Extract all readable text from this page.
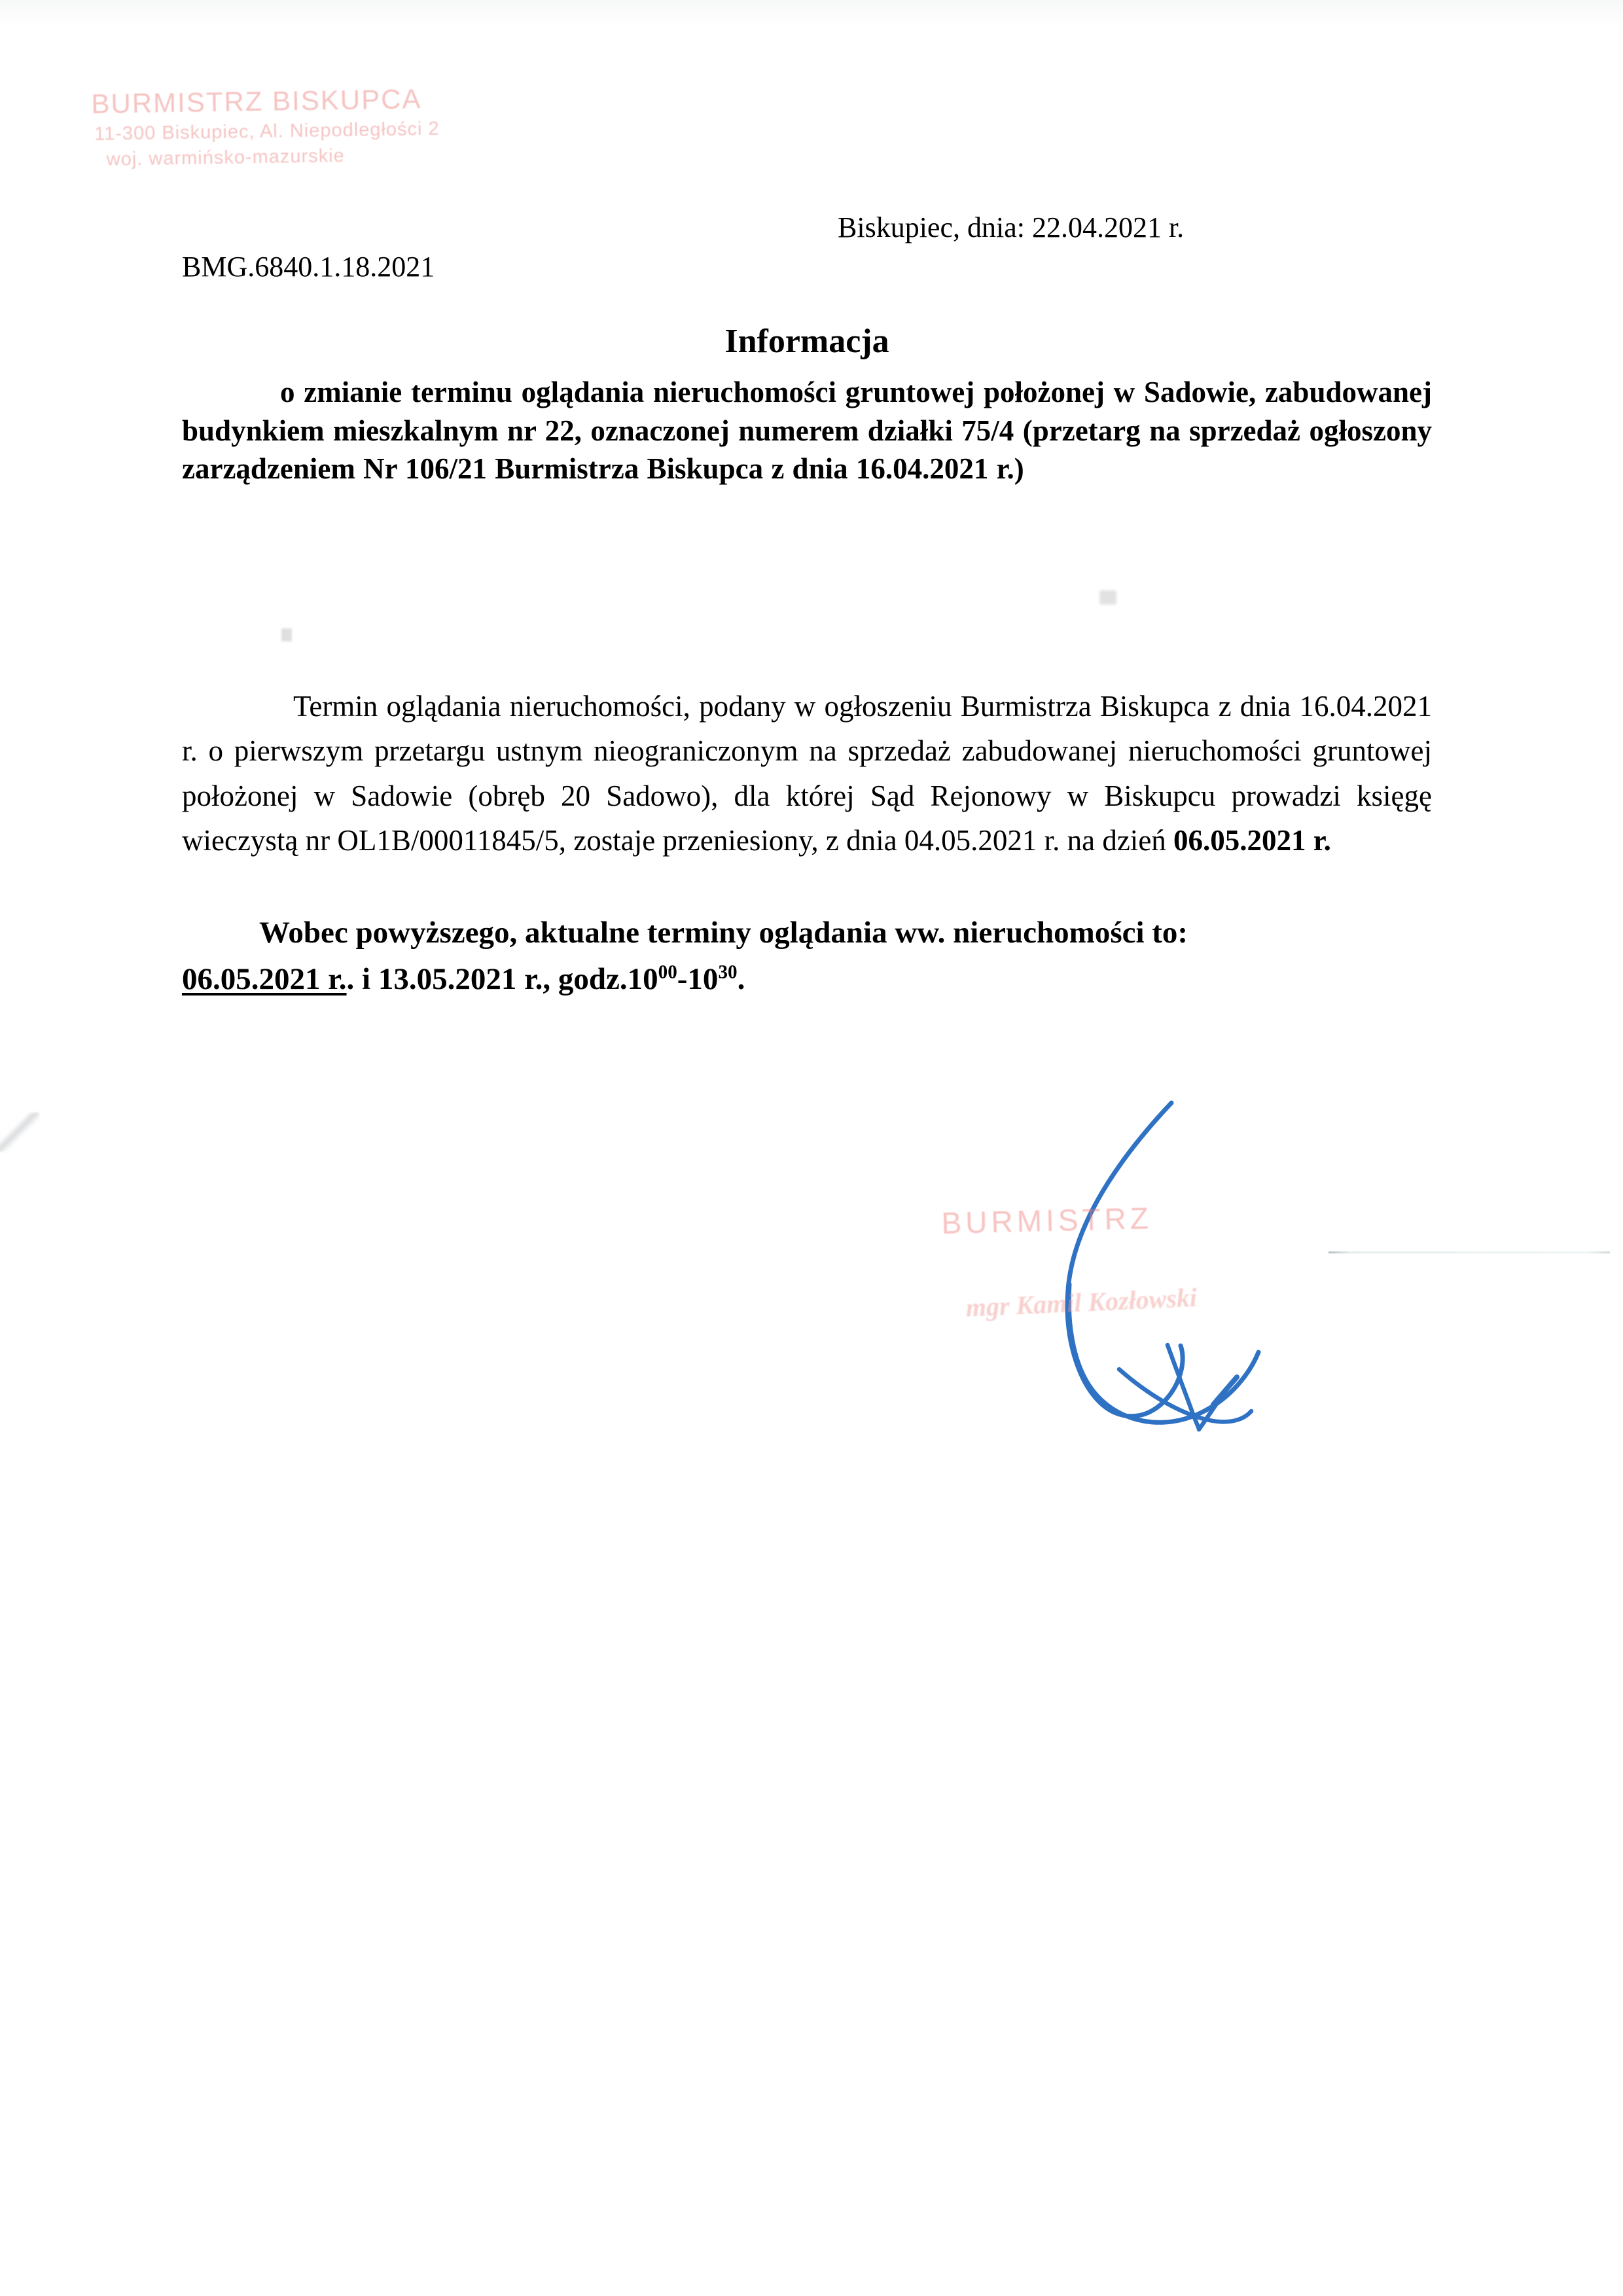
BURMISTRZ BISKUPCA
11-300 Biskupiec, Al. Niepodległości 2
woj. warmińsko-mazurskie
Biskupiec, dnia: 22.04.2021 r.
BMG.6840.1.18.2021
Informacja
o zmianie terminu oglądania nieruchomości gruntowej położonej w Sadowie, zabudowanej budynkiem mieszkalnym nr 22, oznaczonej numerem działki 75/4 (przetarg na sprzedaż ogłoszony zarządzeniem Nr 106/21 Burmistrza Biskupca z dnia 16.04.2021 r.)

Termin oglądania nieruchomości, podany w ogłoszeniu Burmistrza Biskupca z dnia 16.04.2021 r. o pierwszym przetargu ustnym nieograniczonym na sprzedaż zabudowanej nieruchomości gruntowej położonej w Sadowie (obręb 20 Sadowo), dla której Sąd Rejonowy w Biskupcu prowadzi księgę wieczystą nr OL1B/00011845/5, zostaje przeniesiony, z dnia 04.05.2021 r. na dzień 06.05.2021 r.

Wobec powyższego, aktualne terminy oglądania ww. nieruchomości to:
06.05.2021 r.. i 13.05.2021 r., $godz.10^{00}-10^{30}$.

BURMISTRZ
mgr Kamil Kozłowski
